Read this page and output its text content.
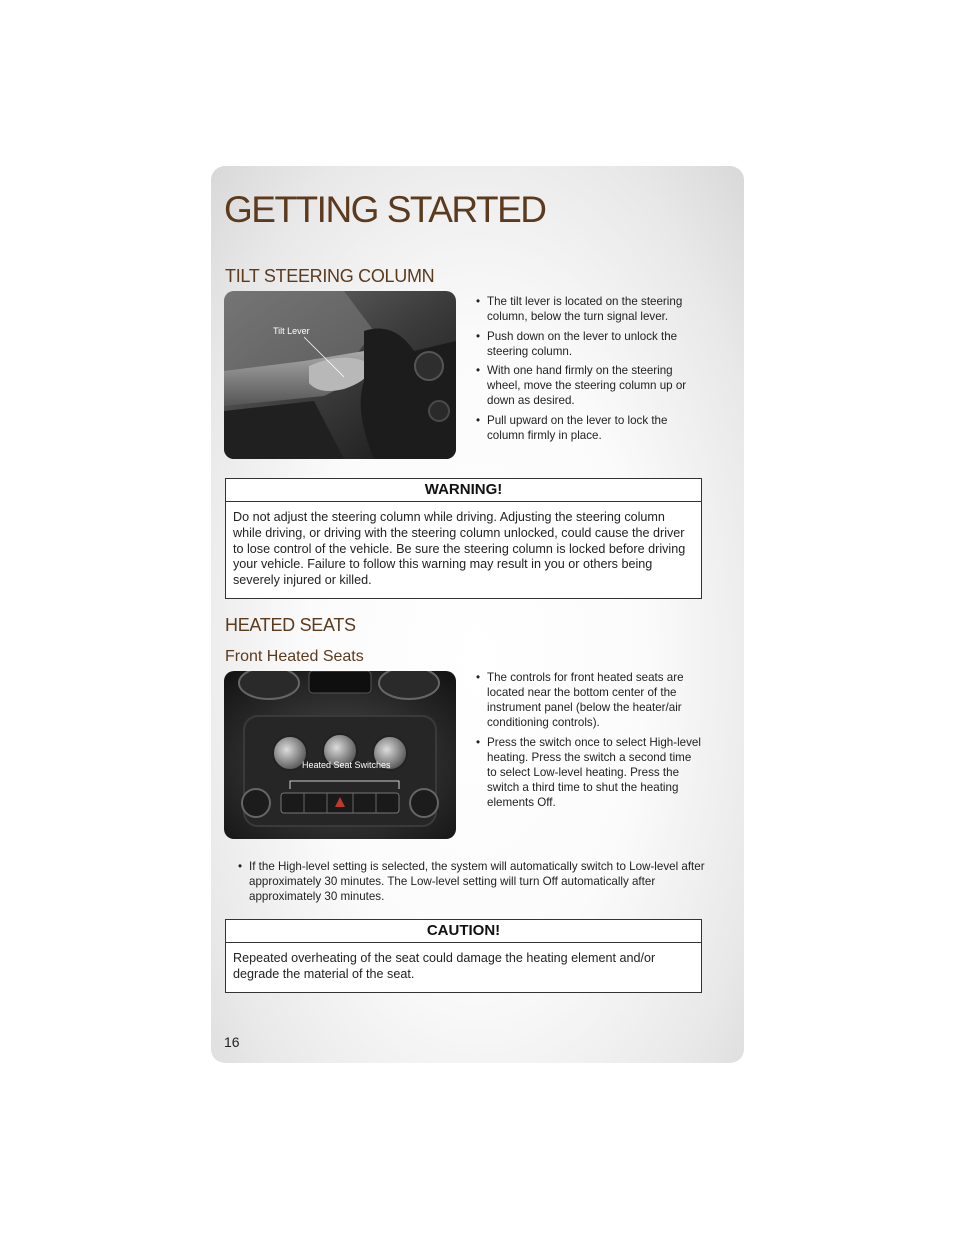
GETTING STARTED
TILT STEERING COLUMN
Tilt Lever
• The tilt lever is located on the steering column, below the turn signal lever.
• Push down on the lever to unlock the steering column.
• With one hand firmly on the steering wheel, move the steering column up or down as desired.
• Pull upward on the lever to lock the column firmly in place.
WARNING!
Do not adjust the steering column while driving. Adjusting the steering column while driving, or driving with the steering column unlocked, could cause the driver to lose control of the vehicle. Be sure the steering column is locked before driving your vehicle. Failure to follow this warning may result in you or others being severely injured or killed.
HEATED SEATS
Front Heated Seats
Heated Seat Switches
• The controls for front heated seats are located near the bottom center of the instrument panel (below the heater/air conditioning controls).
• Press the switch once to select High-level heating. Press the switch a second time to select Low-level heating. Press the switch a third time to shut the heating elements Off.
• If the High-level setting is selected, the system will automatically switch to Low-level after approximately 30 minutes. The Low-level setting will turn Off automatically after approximately 30 minutes.
CAUTION!
Repeated overheating of the seat could damage the heating element and/or degrade the material of the seat.
16
